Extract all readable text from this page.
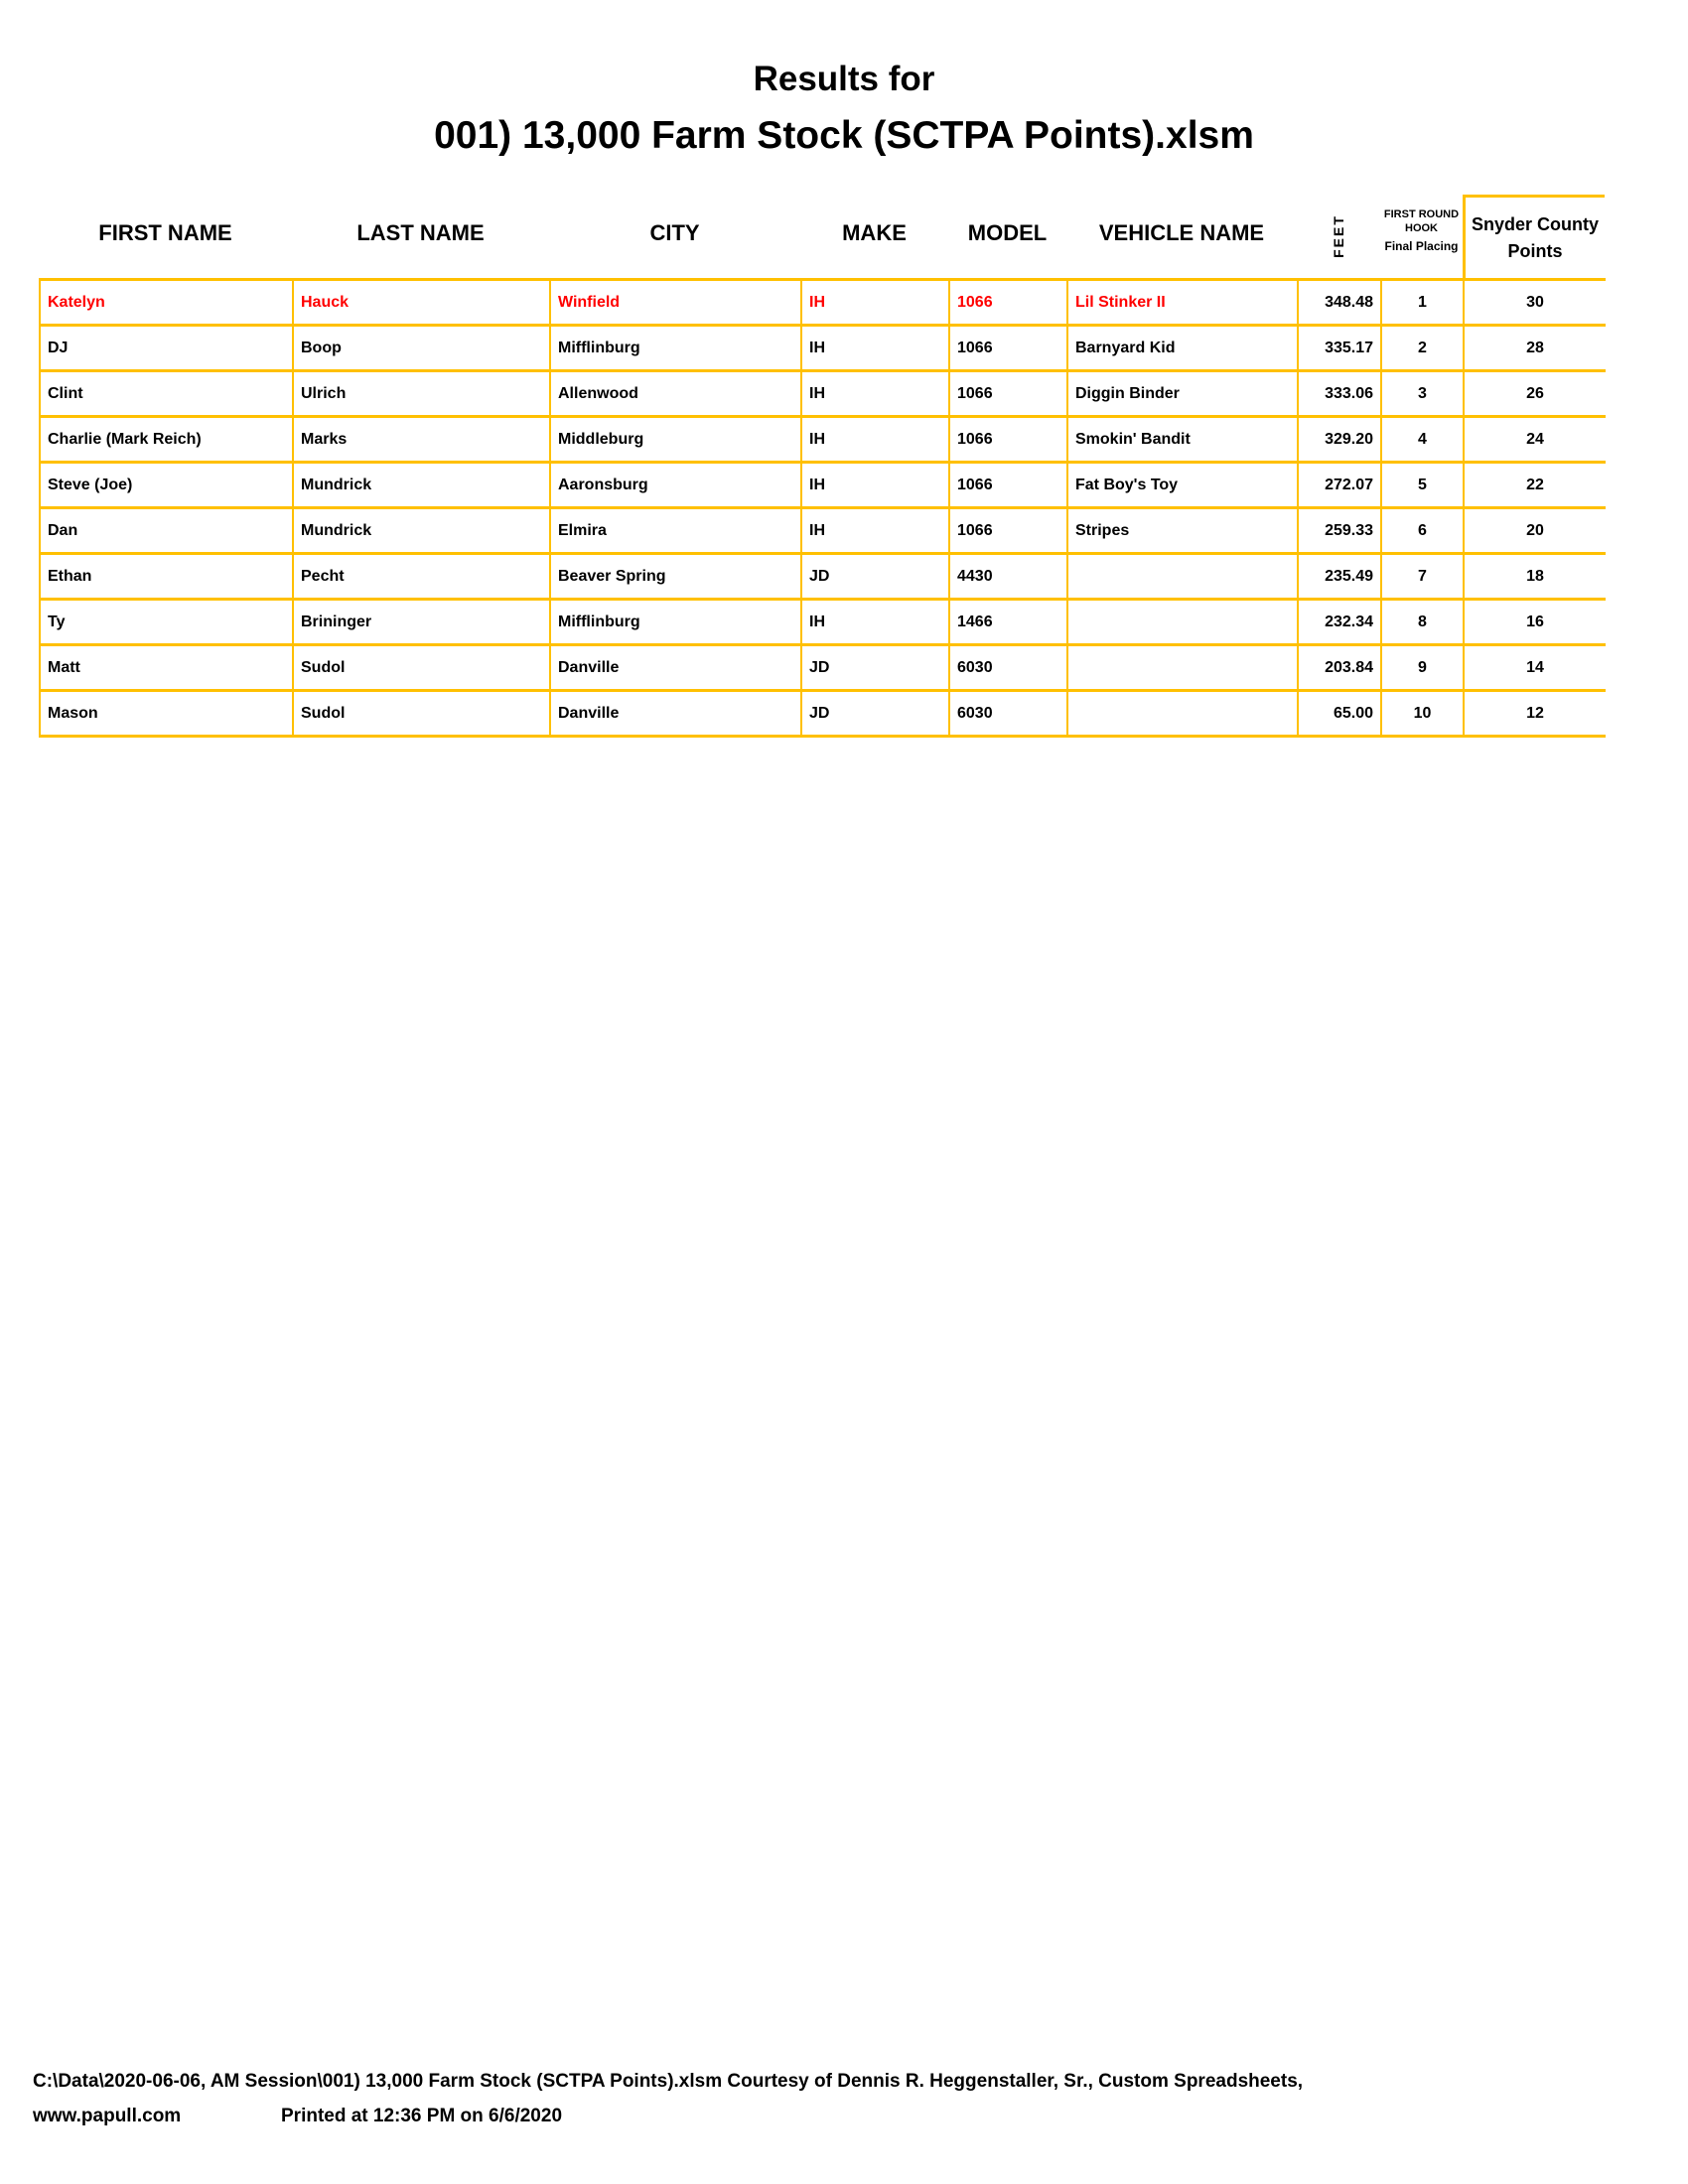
Results for
001) 13,000 Farm Stock (SCTPA Points).xlsm
FIRST NAME	LAST NAME	CITY	MAKE	MODEL	VEHICLE NAME	FEET
FIRST ROUND
HOOK
Final Placing
Snyder County
Points
Katelyn	Hauck	Winfield	IH	1066	Lil Stinker II	348.48	1	30
DJ	Boop	Mifflinburg	IH	1066	Barnyard Kid	335.17	2	28
Clint	Ulrich	Allenwood	IH	1066	Diggin Binder	333.06	3	26
Charlie (Mark Reich)	Marks	Middleburg	IH	1066	Smokin' Bandit	329.20	4	24
Steve (Joe)	Mundrick	Aaronsburg	IH	1066	Fat Boy's Toy	272.07	5	22
Dan	Mundrick	Elmira	IH	1066	Stripes	259.33	6	20
Ethan	Pecht	Beaver Spring	JD	4430		235.49	7	18
Ty	Brininger	Mifflinburg	IH	1466		232.34	8	16
Matt	Sudol	Danville	JD	6030		203.84	9	14
Mason	Sudol	Danville	JD	6030		65.00	10	12
C:\Data\2020-06-06, AM Session\001) 13,000 Farm Stock (SCTPA Points).xlsm Courtesy of Dennis R. Heggenstaller, Sr., Custom Spreadsheets,
www.papull.com	Printed at 12:36 PM on 6/6/2020
